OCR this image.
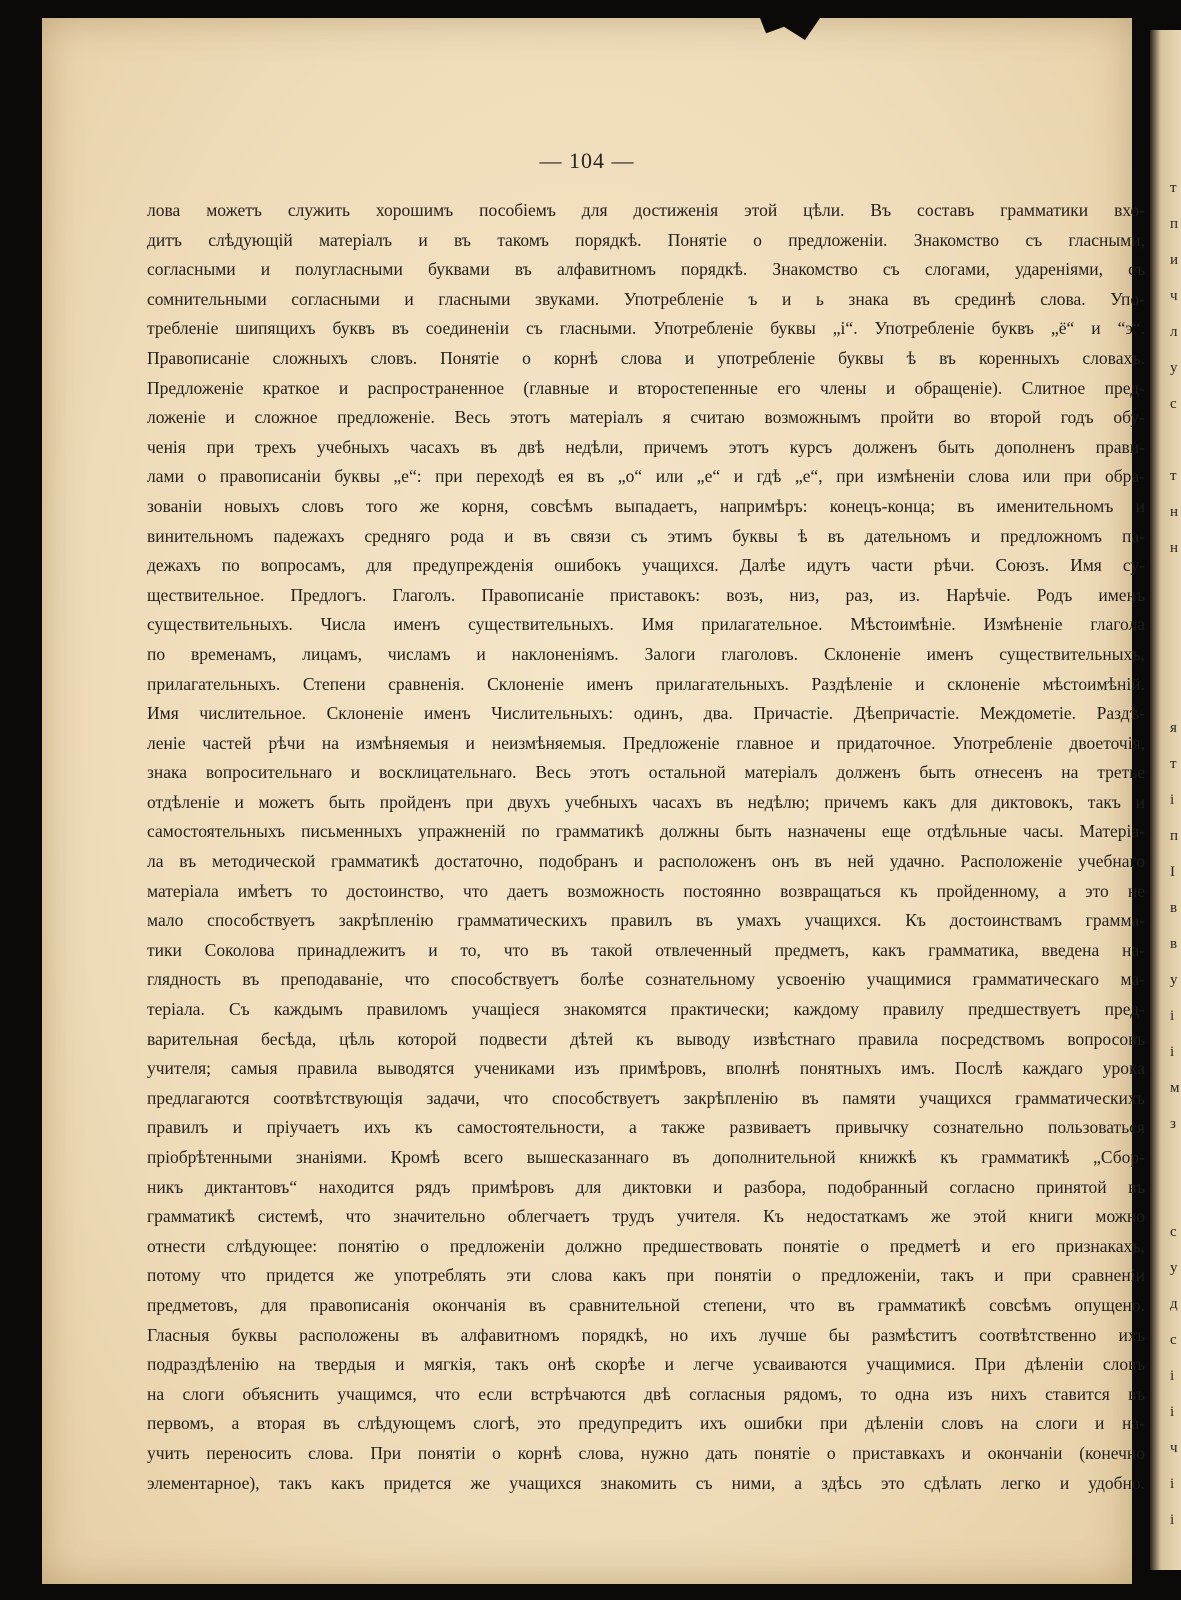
— 104 —
лова можетъ служить хорошимъ пособіемъ для достиженія этой цѣли. Въ составъ грамматики вхо-
дитъ слѣдующій матеріалъ и въ такомъ порядкѣ. Понятіе о предложеніи. Знакомство съ гласными,
согласными и полугласными буквами въ алфавитномъ порядкѣ. Знакомство съ слогами, удареніями, съ
сомнительными согласными и гласными звуками. Употребленіе ъ и ь знака въ срединѣ слова. Упо-
требленіе шипящихъ буквъ въ соединеніи съ гласными. Употребленіе буквы „і“. Употребленіе буквъ „ё“ и “э“.
Правописаніе сложныхъ словъ. Понятіе о корнѣ слова и употребленіе буквы ѣ въ коренныхъ словахъ.
Предложеніе краткое и распространенное (главные и второстепенные его члены и обращеніе). Слитное пред-
ложеніе и сложное предложеніе. Весь этотъ матеріалъ я считаю возможнымъ пройти во второй годъ обу-
ченія при трехъ учебныхъ часахъ въ двѣ недѣли, причемъ этотъ курсъ долженъ быть дополненъ прави-
лами о правописаніи буквы „е“: при переходѣ ея въ „о“ или „е“ и гдѣ „е“, при измѣненіи слова или при обра-
зованіи новыхъ словъ того же корня, совсѣмъ выпадаетъ, напримѣръ: конецъ-конца; въ именительномъ и
винительномъ падежахъ средняго рода и въ связи съ этимъ буквы ѣ въ дательномъ и предложномъ па-
дежахъ по вопросамъ, для предупрежденія ошибокъ учащихся. Далѣе идутъ части рѣчи. Союзъ. Имя су-
ществительное. Предлогъ. Глаголъ. Правописаніе приставокъ: возъ, низ, раз, из. Нарѣчіе. Родъ именъ
существительныхъ. Числа именъ существительныхъ. Имя прилагательное. Мѣстоимѣніе. Измѣненіе глагола
по временамъ, лицамъ, числамъ и наклоненіямъ. Залоги глаголовъ. Склоненіе именъ существительныхъ,
прилагательныхъ. Степени сравненія. Склоненіе именъ прилагательныхъ. Раздѣленіе и склоненіе мѣстоимѣній.
Имя числительное. Склоненіе именъ Числительныхъ: одинъ, два. Причастіе. Дѣепричастіе. Междометіе. Раздѣ-
леніе частей рѣчи на измѣняемыя и неизмѣняемыя. Предложеніе главное и придаточное. Употребленіе двоеточія,
знака вопросительнаго и восклицательнаго. Весь этотъ остальной матеріалъ долженъ быть отнесенъ на третье
отдѣленіе и можетъ быть пройденъ при двухъ учебныхъ часахъ въ недѣлю; причемъ какъ для диктовокъ, такъ и
самостоятельныхъ письменныхъ упражненій по грамматикѣ должны быть назначены еще отдѣльные часы. Матеріа-
ла въ методической грамматикѣ достаточно, подобранъ и расположенъ онъ въ ней удачно. Расположеніе учебнаго
матеріала имѣетъ то достоинство, что даетъ возможность постоянно возвращаться къ пройденному, а это не
мало способствуетъ закрѣпленію грамматическихъ правилъ въ умахъ учащихся. Къ достоинствамъ грамма-
тики Соколова принадлежитъ и то, что въ такой отвлеченный предметъ, какъ грамматика, введена на-
глядность въ преподаваніе, что способствуетъ болѣе сознательному усвоенію учащимися грамматическаго ма-
теріала. Съ каждымъ правиломъ учащіеся знакомятся практически; каждому правилу предшествуетъ пред-
варительная бесѣда, цѣль которой подвести дѣтей къ выводу извѣстнаго правила посредствомъ вопросовъ
учителя; самыя правила выводятся учениками изъ примѣровъ, вполнѣ понятныхъ имъ. Послѣ каждаго урока
предлагаются соотвѣтствующія задачи, что способствуетъ закрѣпленію въ памяти учащихся грамматическихъ
правилъ и пріучаетъ ихъ къ самостоятельности, а также развиваетъ привычку сознательно пользоваться
пріобрѣтенными знаніями. Кромѣ всего вышесказаннаго въ дополнительной книжкѣ къ грамматикѣ „Сбор-
никъ диктантовъ“ находится рядъ примѣровъ для диктовки и разбора, подобранный согласно принятой въ
грамматикѣ системѣ, что значительно облегчаетъ трудъ учителя. Къ недостаткамъ же этой книги можно
отнести слѣдующее: понятію о предложеніи должно предшествовать понятіе о предметѣ и его признакахъ,
потому что придется же употреблять эти слова какъ при понятіи о предложеніи, такъ и при сравненіи
предметовъ, для правописанія окончанія въ сравнительной степени, что въ грамматикѣ совсѣмъ опущено.
Гласныя буквы расположены въ алфавитномъ порядкѣ, но ихъ лучше бы размѣститъ соотвѣтственно ихъ
подраздѣленію на твердыя и мягкія, такъ онѣ скорѣе и легче усваиваются учащимися. При дѣленіи словъ
на слоги объяснить учащимся, что если встрѣчаются двѣ согласныя рядомъ, то одна изъ нихъ ставится въ
первомъ, а вторая въ слѣдующемъ слогѣ, это предупредитъ ихъ ошибки при дѣленіи словъ на слоги и на-
учить переносить слова. При понятіи о корнѣ слова, нужно дать понятіе о приставкахъ и окончаніи (конечно
элементарное), такъ какъ придется же учащихся знакомить съ ними, а здѣсь это сдѣлать легко и удобно.
т
п
и
ч
л
у
с
т
н
н
я
т
і
п
І
в
в
у
і
і
м
з
с
у
д
с
і
і
ч
і
і
